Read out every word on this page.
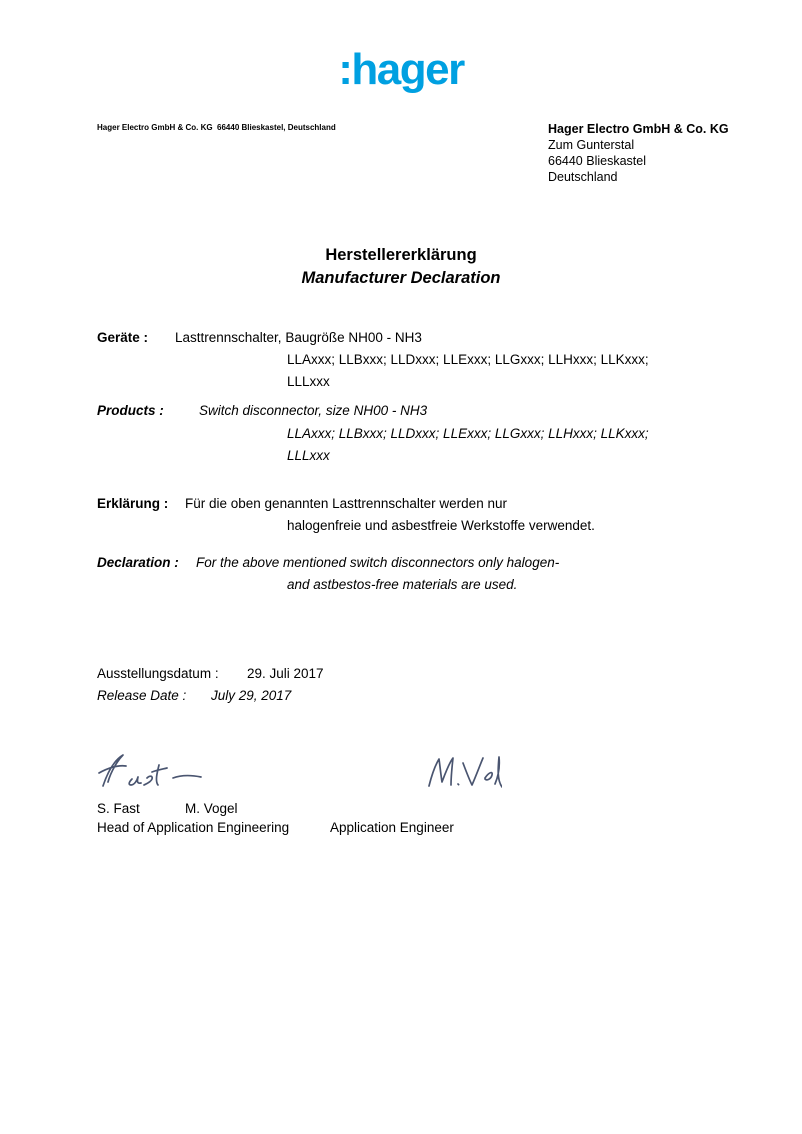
:hager
Hager Electro GmbH & Co. KG  66440 Blieskastel, Deutschland	Hager Electro GmbH & Co. KG
Zum Gunterstal
66440 Blieskastel
Deutschland
Herstellererklärung
Manufacturer Declaration
Geräte : Lasttrennschalter, Baugröße NH00 - NH3
LLAxxx; LLBxxx; LLDxxx; LLExxx; LLGxxx; LLHxxx; LLKxxx;
LLLxxx
Products :	Switch disconnector, size NH00 - NH3
LLAxxx; LLBxxx; LLDxxx; LLExxx; LLGxxx; LLHxxx; LLKxxx;
LLLxxx
Erklärung : Für die oben genannten Lasttrennschalter werden nur
halogenfreie und asbestfreie Werkstoffe verwendet.
Declaration : For the above mentioned switch disconnectors only halogen-
and astbestos-free materials are used.
Ausstellungsdatum : 29. Juli 2017
Release Date : July 29, 2017
S. Fast	M. Vogel
Head of Application Engineering	Application Engineer
